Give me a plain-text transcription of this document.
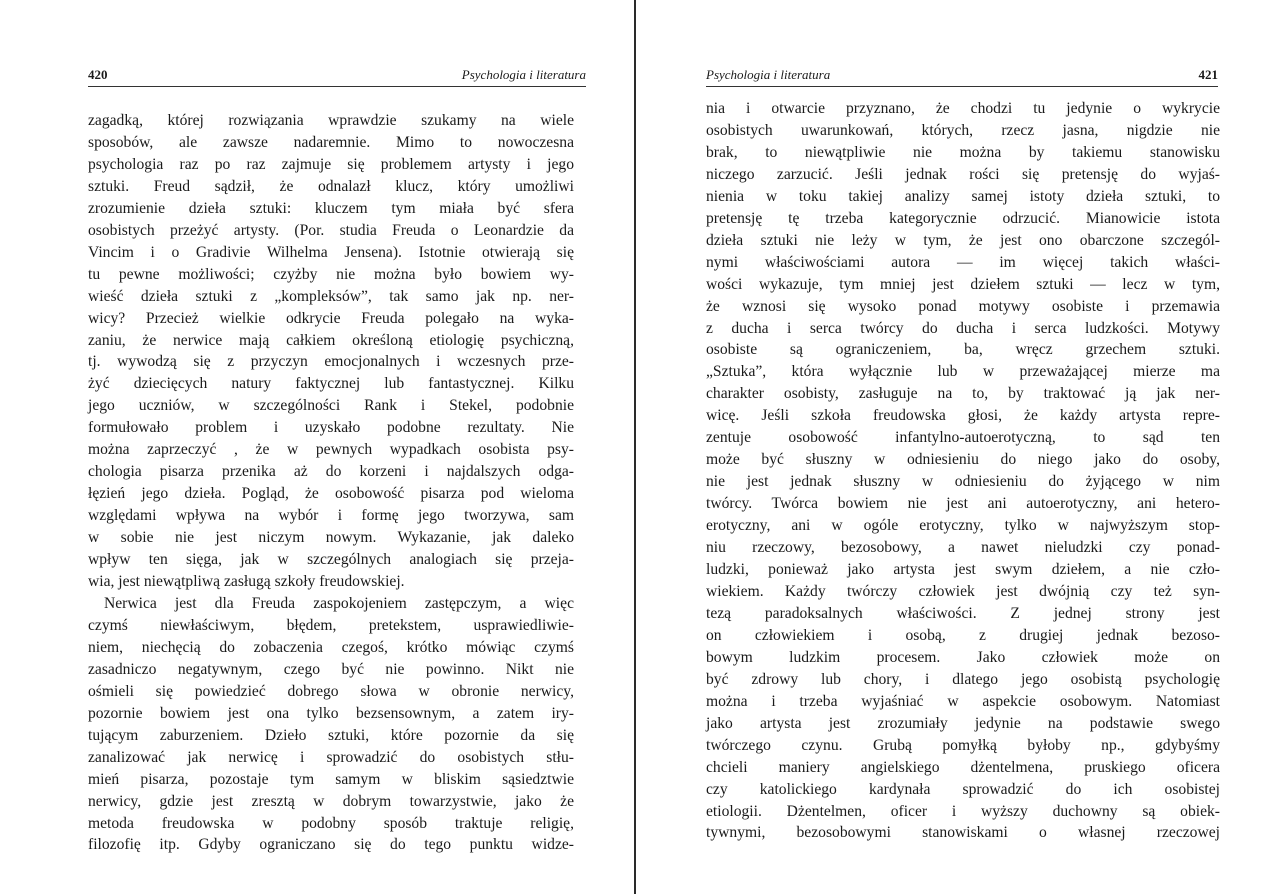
420	Psychologia i literatura
zagadką, której rozwiązania wprawdzie szukamy na wiele
sposobów, ale zawsze nadaremnie. Mimo to nowoczesna
psychologia raz po raz zajmuje się problemem artysty i jego
sztuki. Freud sądził, że odnalazł klucz, który umożliwi
zrozumienie dzieła sztuki: kluczem tym miała być sfera
osobistych przeżyć artysty. (Por. studia Freuda o Leonardzie da
Vincim i o Gradivie Wilhelma Jensena). Istotnie otwierają się
tu pewne możliwości; czyżby nie można było bowiem wy-
wieść dzieła sztuki z „kompleksów”, tak samo jak np. ner-
wicy? Przecież wielkie odkrycie Freuda polegało na wyka-
zaniu, że nerwice mają całkiem określoną etiologię psychiczną,
tj. wywodzą się z przyczyn emocjonalnych i wczesnych prze-
żyć dziecięcych natury faktycznej lub fantastycznej. Kilku
jego uczniów, w szczególności Rank i Stekel, podobnie
formułowało problem i uzyskało podobne rezultaty. Nie
można zaprzeczyć , że w pewnych wypadkach osobista psy-
chologia pisarza przenika aż do korzeni i najdalszych odga-
łęzień jego dzieła. Pogląd, że osobowość pisarza pod wieloma
względami wpływa na wybór i formę jego tworzywa, sam
w sobie nie jest niczym nowym. Wykazanie, jak daleko
wpływ ten sięga, jak w szczególnych analogiach się przeja-
wia, jest niewątpliwą zasługą szkoły freudowskiej.
Nerwica jest dla Freuda zaspokojeniem zastępczym, a więc
czymś niewłaściwym, błędem, pretekstem, usprawiedliwie-
niem, niechęcią do zobaczenia czegoś, krótko mówiąc czymś
zasadniczo negatywnym, czego być nie powinno. Nikt nie
ośmieli się powiedzieć dobrego słowa w obronie nerwicy,
pozornie bowiem jest ona tylko bezsensownym, a zatem iry-
tującym zaburzeniem. Dzieło sztuki, które pozornie da się
zanalizować jak nerwicę i sprowadzić do osobistych stłu-
mień pisarza, pozostaje tym samym w bliskim sąsiedztwie
nerwicy, gdzie jest zresztą w dobrym towarzystwie, jako że
metoda freudowska w podobny sposób traktuje religię,
filozofię itp. Gdyby ograniczano się do tego punktu widze-
Psychologia i literatura	421
nia i otwarcie przyznano, że chodzi tu jedynie o wykrycie
osobistych uwarunkowań, których, rzecz jasna, nigdzie nie
brak, to niewątpliwie nie można by takiemu stanowisku
niczego zarzucić. Jeśli jednak rości się pretensję do wyjaś-
nienia w toku takiej analizy samej istoty dzieła sztuki, to
pretensję tę trzeba kategorycznie odrzucić. Mianowicie istota
dzieła sztuki nie leży w tym, że jest ono obarczone szczegól-
nymi właściwościami autora — im więcej takich właści-
wości wykazuje, tym mniej jest dziełem sztuki — lecz w tym,
że wznosi się wysoko ponad motywy osobiste i przemawia
z ducha i serca twórcy do ducha i serca ludzkości. Motywy
osobiste są ograniczeniem, ba, wręcz grzechem sztuki.
„Sztuka”, która wyłącznie lub w przeważającej mierze ma
charakter osobisty, zasługuje na to, by traktować ją jak ner-
wicę. Jeśli szkoła freudowska głosi, że każdy artysta repre-
zentuje osobowość infantylno-autoerotyczną, to sąd ten
może być słuszny w odniesieniu do niego jako do osoby,
nie jest jednak słuszny w odniesieniu do żyjącego w nim
twórcy. Twórca bowiem nie jest ani autoerotyczny, ani hetero-
erotyczny, ani w ogóle erotyczny, tylko w najwyższym stop-
niu rzeczowy, bezosobowy, a nawet nieludzki czy ponad-
ludzki, ponieważ jako artysta jest swym dziełem, a nie czło-
wiekiem. Każdy twórczy człowiek jest dwójnią czy też syn-
tezą paradoksalnych właściwości. Z jednej strony jest
on człowiekiem i osobą, z drugiej jednak bezoso-
bowym ludzkim procesem. Jako człowiek może on
być zdrowy lub chory, i dlatego jego osobistą psychologię
można i trzeba wyjaśniać w aspekcie osobowym. Natomiast
jako artysta jest zrozumiały jedynie na podstawie swego
twórczego czynu. Grubą pomyłką byłoby np., gdybyśmy
chcieli maniery angielskiego dżentelmena, pruskiego oficera
czy katolickiego kardynała sprowadzić do ich osobistej
etiologii. Dżentelmen, oficer i wyższy duchowny są obiek-
tywnymi, bezosobowymi stanowiskami o własnej rzeczowej
